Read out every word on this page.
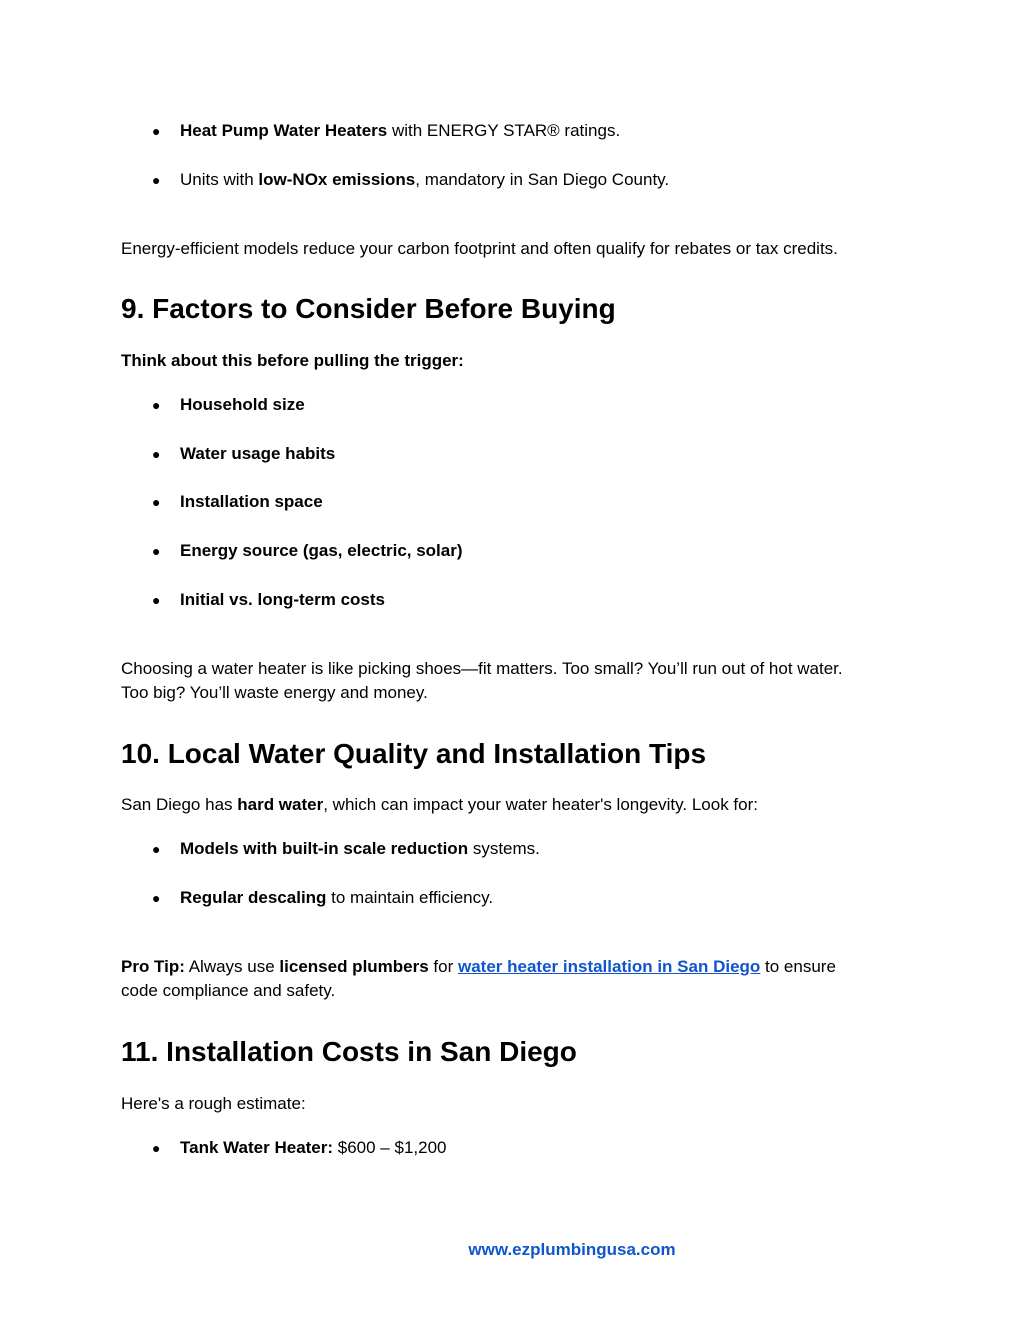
● Heat Pump Water Heaters with ENERGY STAR® ratings.
● Units with low-NOx emissions, mandatory in San Diego County.
Energy-efficient models reduce your carbon footprint and often qualify for rebates or tax credits.
9. Factors to Consider Before Buying
Think about this before pulling the trigger:
● Household size
● Water usage habits
● Installation space
● Energy source (gas, electric, solar)
● Initial vs. long-term costs
Choosing a water heater is like picking shoes—fit matters. Too small? You’ll run out of hot water.
Too big? You’ll waste energy and money.
10. Local Water Quality and Installation Tips
San Diego has hard water, which can impact your water heater's longevity. Look for:
● Models with built-in scale reduction systems.
● Regular descaling to maintain efficiency.
Pro Tip: Always use licensed plumbers for water heater installation in San Diego to ensure
code compliance and safety.
11. Installation Costs in San Diego
Here's a rough estimate:
● Tank Water Heater: $600 – $1,200
www.ezplumbingusa.com
